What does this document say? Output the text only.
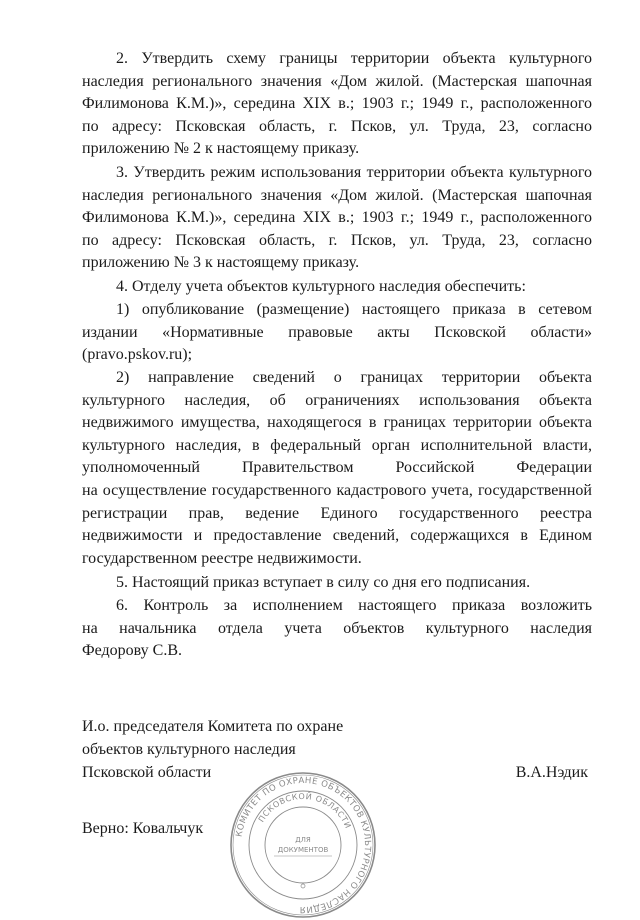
2. Утвердить схему границы территории объекта культурного
наследия регионального значения «Дом жилой. (Мастерская шапочная
Филимонова К.М.)», середина XIX в.; 1903 г.; 1949 г., расположенного
по адресу: Псковская область, г. Псков, ул. Труда, 23, согласно
приложению № 2 к настоящему приказу.
3. Утвердить режим использования территории объекта культурного
наследия регионального значения «Дом жилой. (Мастерская шапочная
Филимонова К.М.)», середина XIX в.; 1903 г.; 1949 г., расположенного
по адресу: Псковская область, г. Псков, ул. Труда, 23, согласно
приложению № 3 к настоящему приказу.
4. Отделу учета объектов культурного наследия обеспечить:
1) опубликование (размещение) настоящего приказа в сетевом
издании «Нормативные правовые акты Псковской области»
(pravo.pskov.ru);
2) направление сведений о границах территории объекта
культурного наследия, об ограничениях использования объекта
недвижимого имущества, находящегося в границах территории объекта
культурного наследия, в федеральный орган исполнительной власти,
уполномоченный Правительством Российской Федерации
на осуществление государственного кадастрового учета, государственной
регистрации прав, ведение Единого государственного реестра
недвижимости и предоставление сведений, содержащихся в Едином
государственном реестре недвижимости.
5. Настоящий приказ вступает в силу со дня его подписания.
6. Контроль за исполнением настоящего приказа возложить
на начальника отдела учета объектов культурного наследия
Федорову С.В.
И.о. председателя Комитета по охране
объектов культурного наследия
Псковской области	В.А.Нэдик
Верно: Ковальчук	КОМИТЕТ ПО ОХРАНЕ ОБЪЕКТОВ КУЛЬТУРНОГО НАСЛЕДИЯ
ПСКОВСКОЙ ОБЛАСТИ
ДЛЯ
ДОКУМЕНТОВ
